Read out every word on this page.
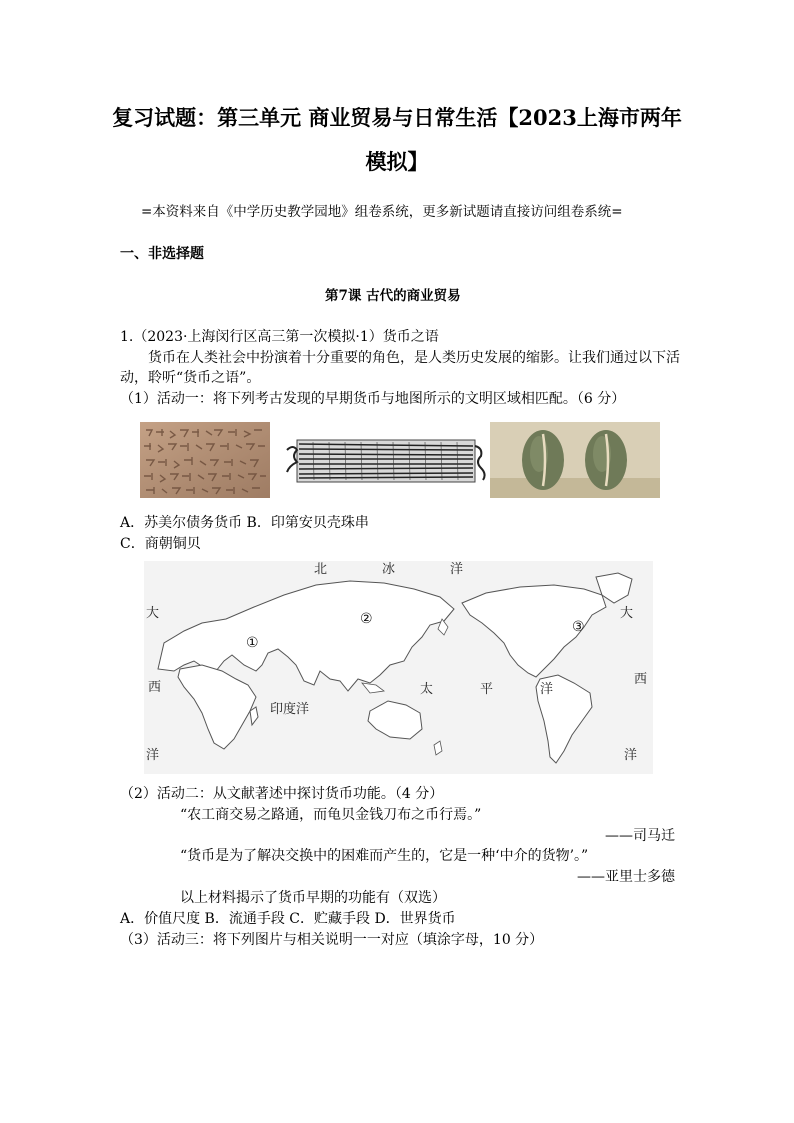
复习试题：第三单元 商业贸易与日常生活【2023上海市两年
模拟】
=本资料来自《中学历史教学园地》组卷系统，更多新试题请直接访问组卷系统=
一、非选择题
第7课 古代的商业贸易
1.（2023·上海闵行区高三第一次模拟·1）货币之语
货币在人类社会中扮演着十分重要的角色，是人类历史发展的缩影。让我们通过以下活
动，聆听“货币之语”。
（1）活动一：将下列考古发现的早期货币与地图所示的文明区域相匹配。（6 分）
A．苏美尔债务货币 B．印第安贝壳珠串
C．商朝铜贝
北	冰	洋
大
西
洋
大
西
洋
太	平	洋
印度洋
①
②	③
（2）活动二：从文献著述中探讨货币功能。（4 分）
“农工商交易之路通，而龟贝金钱刀布之币行焉。”
——司马迁
“货币是为了解决交换中的困难而产生的，它是一种‘中介的货物’。”
——亚里士多德
以上材料揭示了货币早期的功能有（双选）
A．价值尺度 B．流通手段 C．贮藏手段 D．世界货币
（3）活动三：将下列图片与相关说明一一对应（填涂字母，10 分）
